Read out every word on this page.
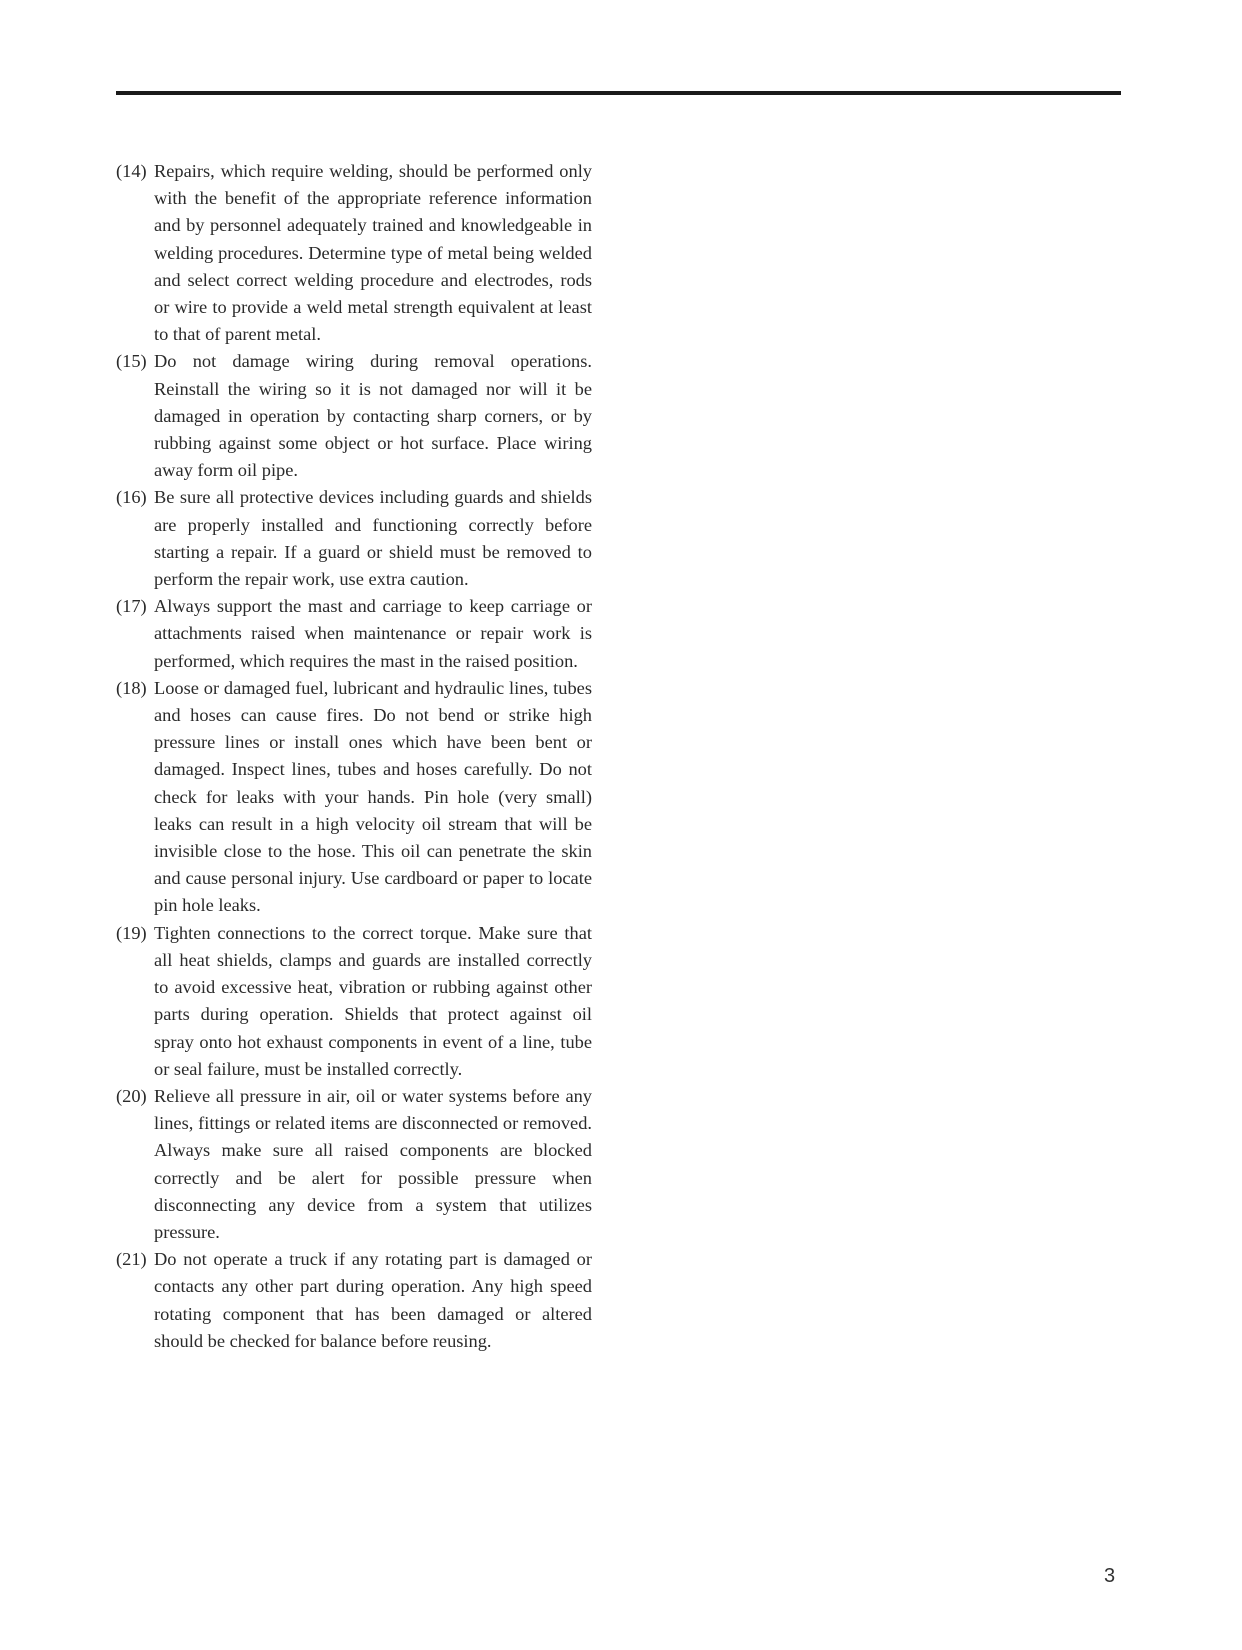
(14) Repairs, which require welding, should be performed only with the benefit of the appropriate reference information and by personnel adequately trained and knowledgeable in welding procedures. Determine type of metal being welded and select correct welding procedure and electrodes, rods or wire to provide a weld metal strength equivalent at least to that of parent metal.
(15) Do not damage wiring during removal operations. Reinstall the wiring so it is not damaged nor will it be damaged in operation by contacting sharp corners, or by rubbing against some object or hot surface. Place wiring away form oil pipe.
(16) Be sure all protective devices including guards and shields are properly installed and functioning correctly before starting a repair. If a guard or shield must be removed to perform the repair work, use extra caution.
(17) Always support the mast and carriage to keep carriage or attachments raised when maintenance or repair work is performed, which requires the mast in the raised position.
(18) Loose or damaged fuel, lubricant and hydraulic lines, tubes and hoses can cause fires. Do not bend or strike high pressure lines or install ones which have been bent or damaged. Inspect lines, tubes and hoses carefully. Do not check for leaks with your hands. Pin hole (very small) leaks can result in a high velocity oil stream that will be invisible close to the hose. This oil can penetrate the skin and cause personal injury. Use cardboard or paper to locate pin hole leaks.
(19) Tighten connections to the correct torque. Make sure that all heat shields, clamps and guards are installed correctly to avoid excessive heat, vibration or rubbing against other parts during operation. Shields that protect against oil spray onto hot exhaust components in event of a line, tube or seal failure, must be installed correctly.
(20) Relieve all pressure in air, oil or water systems before any lines, fittings or related items are disconnected or removed. Always make sure all raised components are blocked correctly and be alert for possible pressure when disconnecting any device from a system that utilizes pressure.
(21) Do not operate a truck if any rotating part is damaged or contacts any other part during operation. Any high speed rotating component that has been damaged or altered should be checked for balance before reusing.
3
